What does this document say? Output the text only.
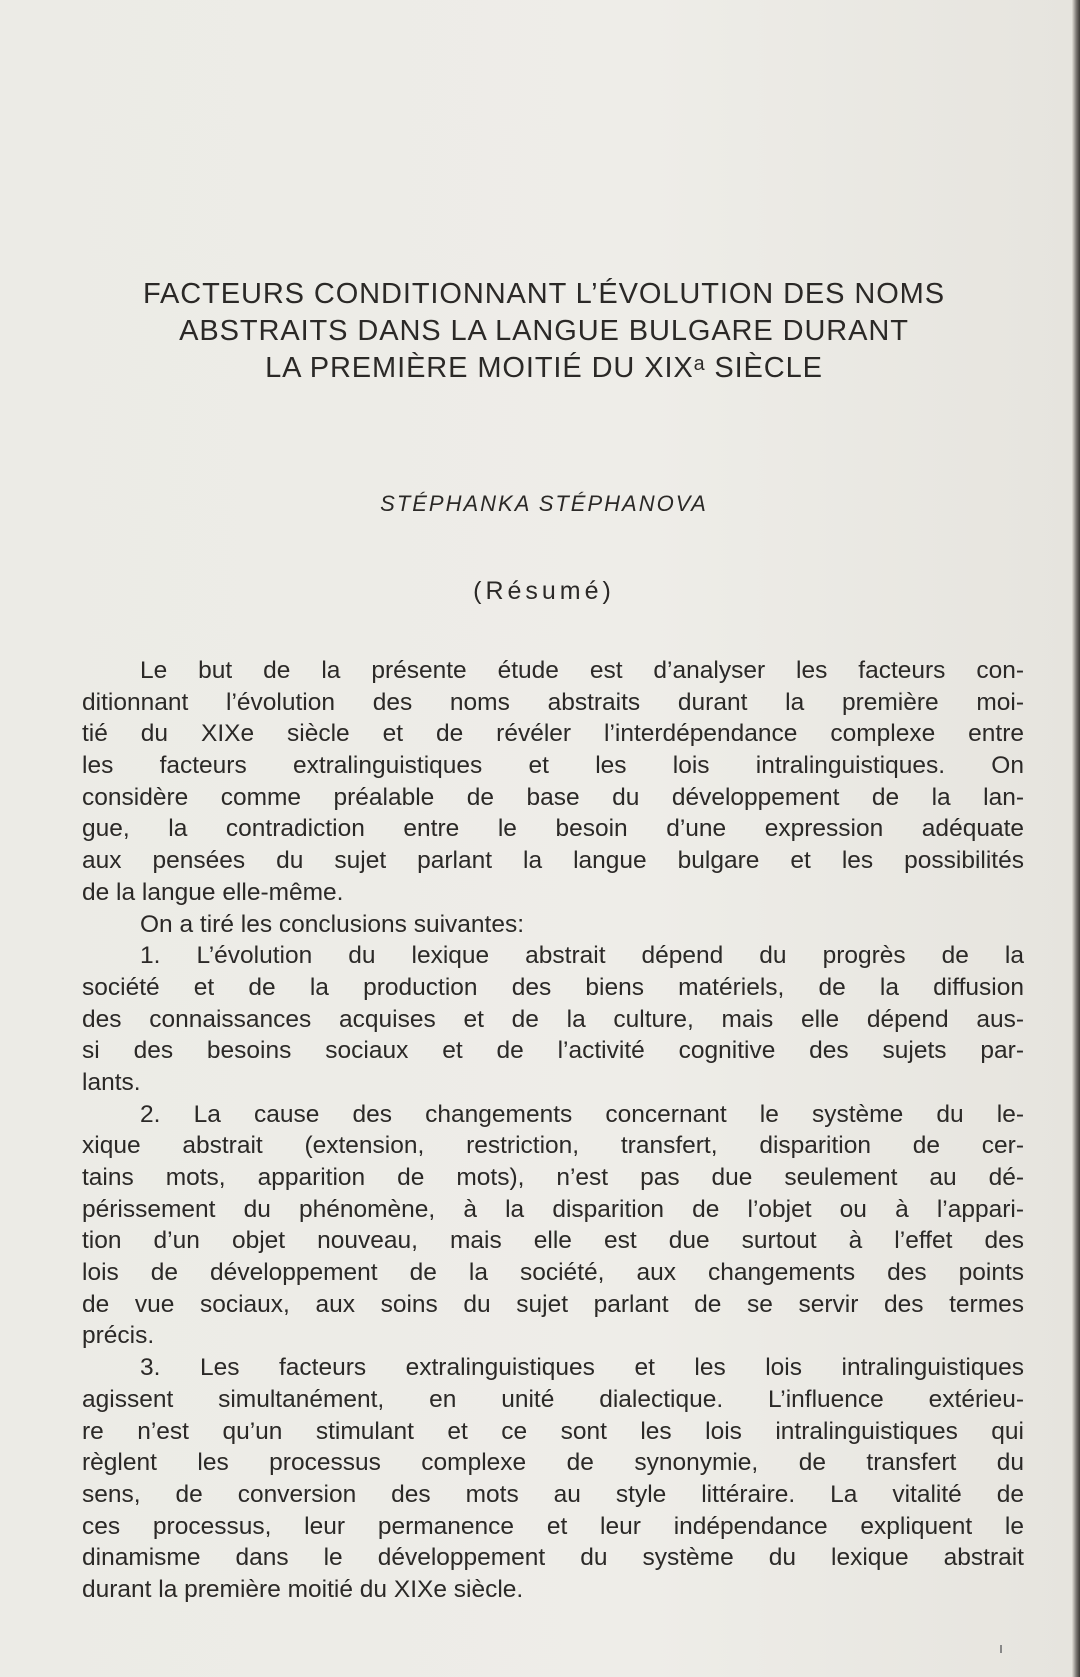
FACTEURS CONDITIONNANT L’ÉVOLUTION DES NOMS
ABSTRAITS DANS LA LANGUE BULGARE DURANT
LA PREMIÈRE MOITIÉ DU XIXᵃ SIÈCLE
STÉPHANKA STÉPHANOVA
(Résumé)
Le but de la présente étude est d’analyser les facteurs con-
ditionnant l’évolution des noms abstraits durant la première moi-
tié du XIXe siècle et de révéler l’interdépendance complexe entre
les facteurs extralinguistiques et les lois intralinguistiques. On
considère comme préalable de base du développement de la lan-
gue, la contradiction entre le besoin d’une expression adéquate
aux pensées du sujet parlant la langue bulgare et les possibilités
de la langue elle-même.
On a tiré les conclusions suivantes:
1. L’évolution du lexique abstrait dépend du progrès de la
société et de la production des biens matériels, de la diffusion
des connaissances acquises et de la culture, mais elle dépend aus-
si des besoins sociaux et de l’activité cognitive des sujets par-
lants.
2. La cause des changements concernant le système du le-
xique abstrait (extension, restriction, transfert, disparition de cer-
tains mots, apparition de mots), n’est pas due seulement au dé-
périssement du phénomène, à la disparition de l’objet ou à l’appari-
tion d’un objet nouveau, mais elle est due surtout à l’effet des
lois de développement de la société, aux changements des points
de vue sociaux, aux soins du sujet parlant de se servir des termes
précis.
3. Les facteurs extralinguistiques et les lois intralinguistiques
agissent simultanément, en unité dialectique. L’influence extérieu-
re n’est qu’un stimulant et ce sont les lois intralinguistiques qui
règlent les processus complexe de synonymie, de transfert du
sens, de conversion des mots au style littéraire. La vitalité de
ces processus, leur permanence et leur indépendance expliquent le
dinamisme dans le développement du système du lexique abstrait
durant la première moitié du XIXe siècle.
